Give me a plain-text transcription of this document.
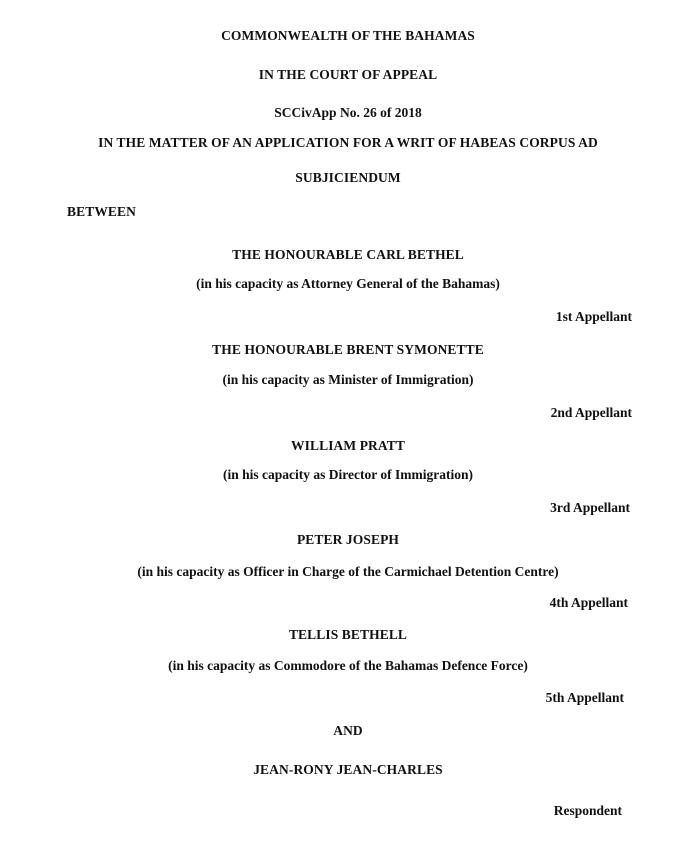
COMMONWEALTH OF THE BAHAMAS
IN THE COURT OF APPEAL
SCCivApp No. 26 of 2018
IN THE MATTER OF AN APPLICATION FOR A WRIT OF HABEAS CORPUS AD
SUBJICIENDUM
BETWEEN
THE HONOURABLE CARL BETHEL
(in his capacity as Attorney General of the Bahamas)
1st Appellant
THE HONOURABLE BRENT SYMONETTE
(in his capacity as Minister of Immigration)
2nd Appellant
WILLIAM PRATT
(in his capacity as Director of Immigration)
3rd Appellant
PETER JOSEPH
(in his capacity as Officer in Charge of the Carmichael Detention Centre)
4th Appellant
TELLIS BETHELL
(in his capacity as Commodore of the Bahamas Defence Force)
5th Appellant
AND
JEAN-RONY JEAN-CHARLES
Respondent
